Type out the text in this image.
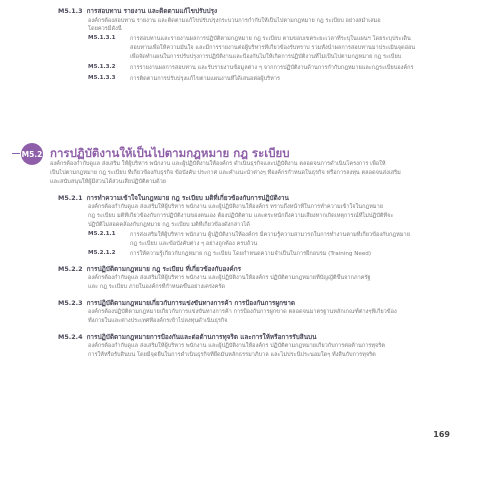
M5.1.3 การสอบทาน รายงาน และติดตามแก้ไขปรับปรุง
องค์กรต้องสอบทาน รายงาน และติดตามแก้ไขปรับปรุงกระบวนการกำกับให้เป็นไปตามกฎหมาย กฎ ระเบียบ อย่างสม่ำเสมอ
โดยควรมีดังนี้
M5.1.3.1	การสอบทานและรายงานผลการปฏิบัติตามกฎหมาย กฎ ระเบียบ ตามขอบเขตระยะเวลาที่ระบุในแผนฯ โดยระบุประเด็น
สอบทานเพื่อให้ความมั่นใจ และมีการรายงานต่อผู้บริหารที่เกี่ยวข้องรับทราบ รวมทั้งนำผลการสอบทานมาประเมินจุดอ่อน
เพื่อจัดทำแผนในการปรับปรุงการปฏิบัติงานและป้องกันไม่ให้เกิดการปฏิบัติงานที่ไม่เป็นไปตามกฎหมาย กฎ ระเบียบ
M5.1.3.2	การรายงานผลการสอบทาน และรับรายงานข้อมูลต่าง ๆ จากการปฏิบัติงานด้านการกำกับกฎหมายและกฎระเบียบองค์กร
M5.1.3.3	การติดตามการปรับปรุงแก้ไขตามแผนงานที่ได้เสนอต่อผู้บริหาร
M5.2 การปฏิบัติงานให้เป็นไปตามกฎหมาย กฎ ระเบียบ
องค์กรต้องกำกับดูแล ส่งเสริม ให้ผู้บริหาร พนักงาน และผู้ปฏิบัติงานให้องค์กร ดำเนินธุรกิจและปฏิบัติงาน ตลอดจนการดำเนินโครงการ เพื่อให้
เป็นไปตามกฎหมาย กฎ ระเบียบ ที่เกี่ยวข้องกับธุรกิจ ข้อบังคับ ประกาศ และคำแนะนำต่างๆ ที่องค์กรกำหนดในธุรกิจ หรือการลงทุน ตลอดจนส่งเสริม
และสนับสนุนให้ผู้มีส่วนได้ส่วนเสียปฏิบัติตามด้วย
M5.2.1 การทำความเข้าใจในกฎหมาย กฎ ระเบียบ มติที่เกี่ยวข้องกับการปฏิบัติงาน
องค์กรต้องกำกับดูแล ส่งเสริมให้ผู้บริหาร พนักงาน และผู้ปฏิบัติงานให้องค์กร ทราบถึงหน้าที่ในการทำความเข้าใจในกฎหมาย
กฎ ระเบียบ มติที่เกี่ยวข้องกับการปฏิบัติงานของตนเอง ต้องปฏิบัติตาม และตระหนักถึงความเสี่ยงหากเกิดเหตุการณ์ที่ไม่ปฏิบัติที่จะ
ปฏิบัติไม่สอดคล้องกับกฎหมาย กฎ ระเบียบ มติที่เกี่ยวข้องดังกล่าวได้
M5.2.1.1	การส่งเสริมให้ผู้บริหาร พนักงาน ผู้ปฏิบัติงานให้องค์กร มีความรู้ความสามารถในการทำงานตามที่เกี่ยวข้องกับกฎหมาย
กฎ ระเบียบ และข้อบังคับต่าง ๆ อย่างถูกต้อง ครบถ้วน
M5.2.1.2	การให้ความรู้เกี่ยวกับกฎหมาย กฎ ระเบียบ โดยกำหนดความจำเป็นในการฝึกอบรม (Training Need)
M5.2.2 การปฏิบัติตามกฎหมาย กฎ ระเบียบ ที่เกี่ยวข้องกับองค์กร
องค์กรต้องกำกับดูแล ส่งเสริมให้ผู้บริหาร พนักงาน และผู้ปฏิบัติงานให้องค์กร ปฏิบัติตามกฎหมายที่บัญญัติขึ้นจากภาครัฐ
และ กฎ ระเบียบ ภายในองค์กรที่กำหนดขึ้นอย่างเคร่งครัด
M5.2.3 การปฏิบัติตามกฎหมายเกี่ยวกับการแข่งขันทางการค้า การป้องกันการผูกขาด
องค์กรต้องปฏิบัติตามกฎหมายเกี่ยวกับการแข่งขันทางการค้า การป้องกันการผูกขาด ตลอดจนมาตรฐานหลักเกณฑ์ต่างๆที่เกี่ยวข้อง
ทั้งภายในและต่างประเทศที่องค์กรเข้าไปลงทุนดำเนินธุรกิจ
M5.2.4 การปฏิบัติตามกฎหมายการป้องกันและต่อต้านการทุจริต และการให้หรือการรับสินบน
องค์กรต้องกำกับดูแล ส่งเสริมให้ผู้บริหาร พนักงาน และผู้ปฏิบัติงานให้องค์กร ปฏิบัติตามกฎหมายเกี่ยวกับการต่อต้านการทุจริต
การให้หรือรับสินบน โดยมีจุดยืนในการดำเนินธุรกิจที่ยึดมั่นหลักธรรมาภิบาล และไม่ประนีประนอมใดๆ ทั้งสิ้นกับการทุจริต
169
